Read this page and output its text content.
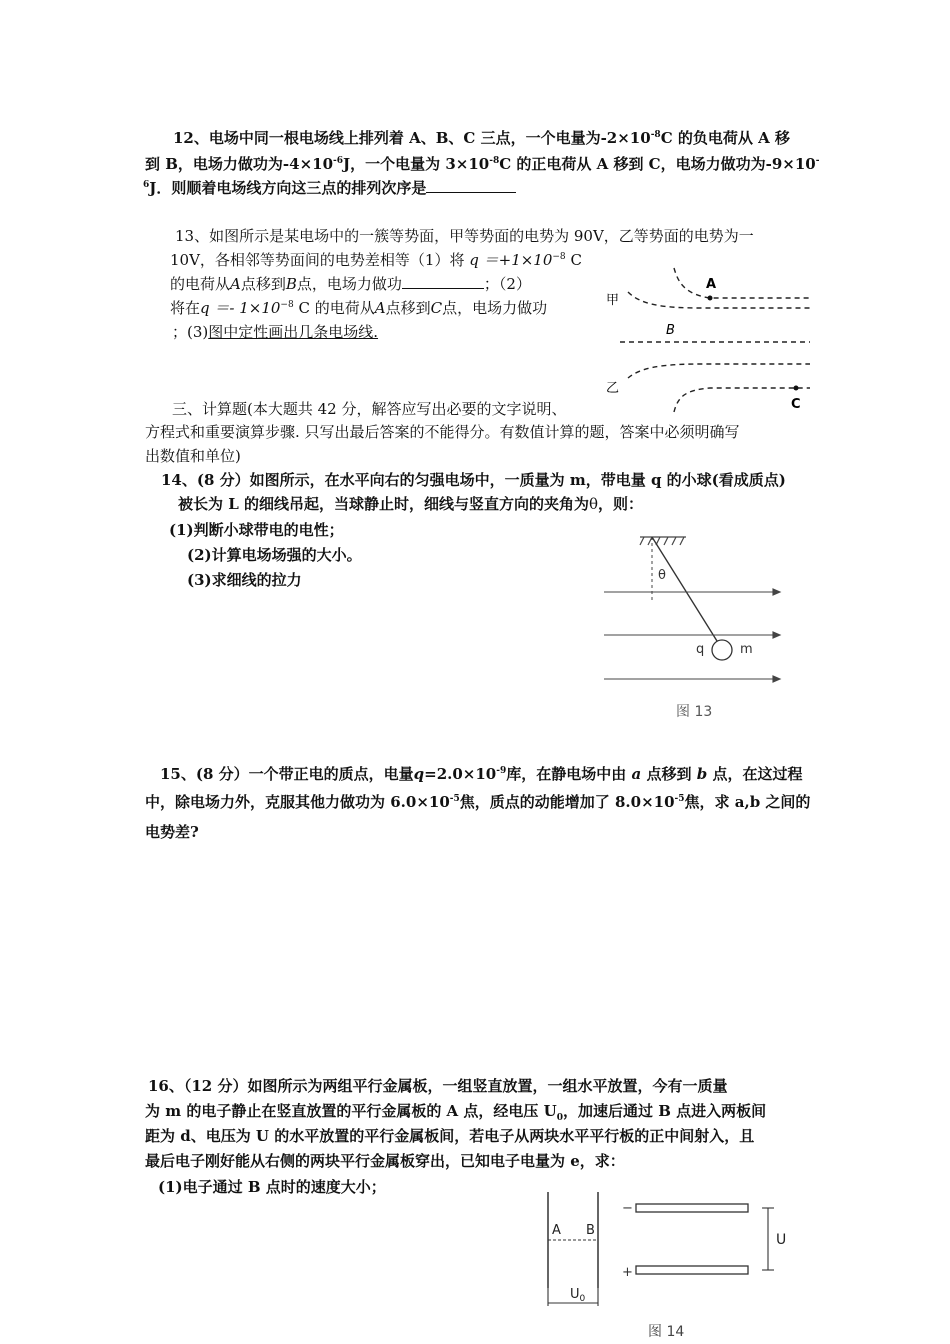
12、电场中同一根电场线上排列着 A、B、C 三点，一个电量为$-2\times 10^{-8}C$ 的负电荷从 A 移
到 B，电场力做功为$-4\times 10^{-6}J$，一个电量为 $3\times 10^{-8}C$ 的正电荷从 A 移到 C，电场力做功为-9×10-
$^6$J．则顺着电场线方向这三点的排列次序是
13、如图所示是某电场中的一簇等势面，甲等势面的电势为 90V，乙等势面的电势为一
10V，各相邻等势面间的电势差相等（1）将 $q =+1\times 10^{-8}$ C
的电荷从A点移到B点，电场力做功	；（2）
将在$q =- 1\times 10^{-8}$ C 的电荷从A点移到C点，电场力做功
；(3)图中定性画出几条电场线.
A
B
C
甲
乙
三、计算题(本大题共 42 分，解答应写出必要的文字说明、
方程式和重要演算步骤. 只写出最后答案的不能得分。有数值计算的题，答案中必须明确写
出数值和单位)
14、(8 分）如图所示，在水平向右的匀强电场中，一质量为 m，带电量 q 的小球(看成质点)
被长为 L 的细线吊起，当球静止时，细线与竖直方向的夹角为θ，则：
(1)判断小球带电的电性；
(2)计算电场场强的大小。
(3)求细线的拉力	θ
q	m
图 13
15、(8 分）一个带正电的质点，电量$q=2.0\times 10^{-9}$库，在静电场中由 a 点移到 b 点，在这过程
中，除电场力外，克服其他力做功为 $6.0\times 10^{-5}$焦，质点的动能增加了 $8.0\times 10^{-5}$焦，求 a,b 之间的
电势差?
16、（12 分）如图所示为两组平行金属板，一组竖直放置，一组水平放置，今有一质量
为 m 的电子静止在竖直放置的平行金属板的 A 点，经电压 $U_0$，加速后通过 B 点进入两板间
距为 d、电压为 U 的水平放置的平行金属板间，若电子从两块水平平行板的正中间射入，且
最后电子刚好能从右侧的两块平行金属板穿出，已知电子电量为 e，求：
(1)电子通过 B 点时的速度大小；
A B
$U_0$
−
+
U
图 14
